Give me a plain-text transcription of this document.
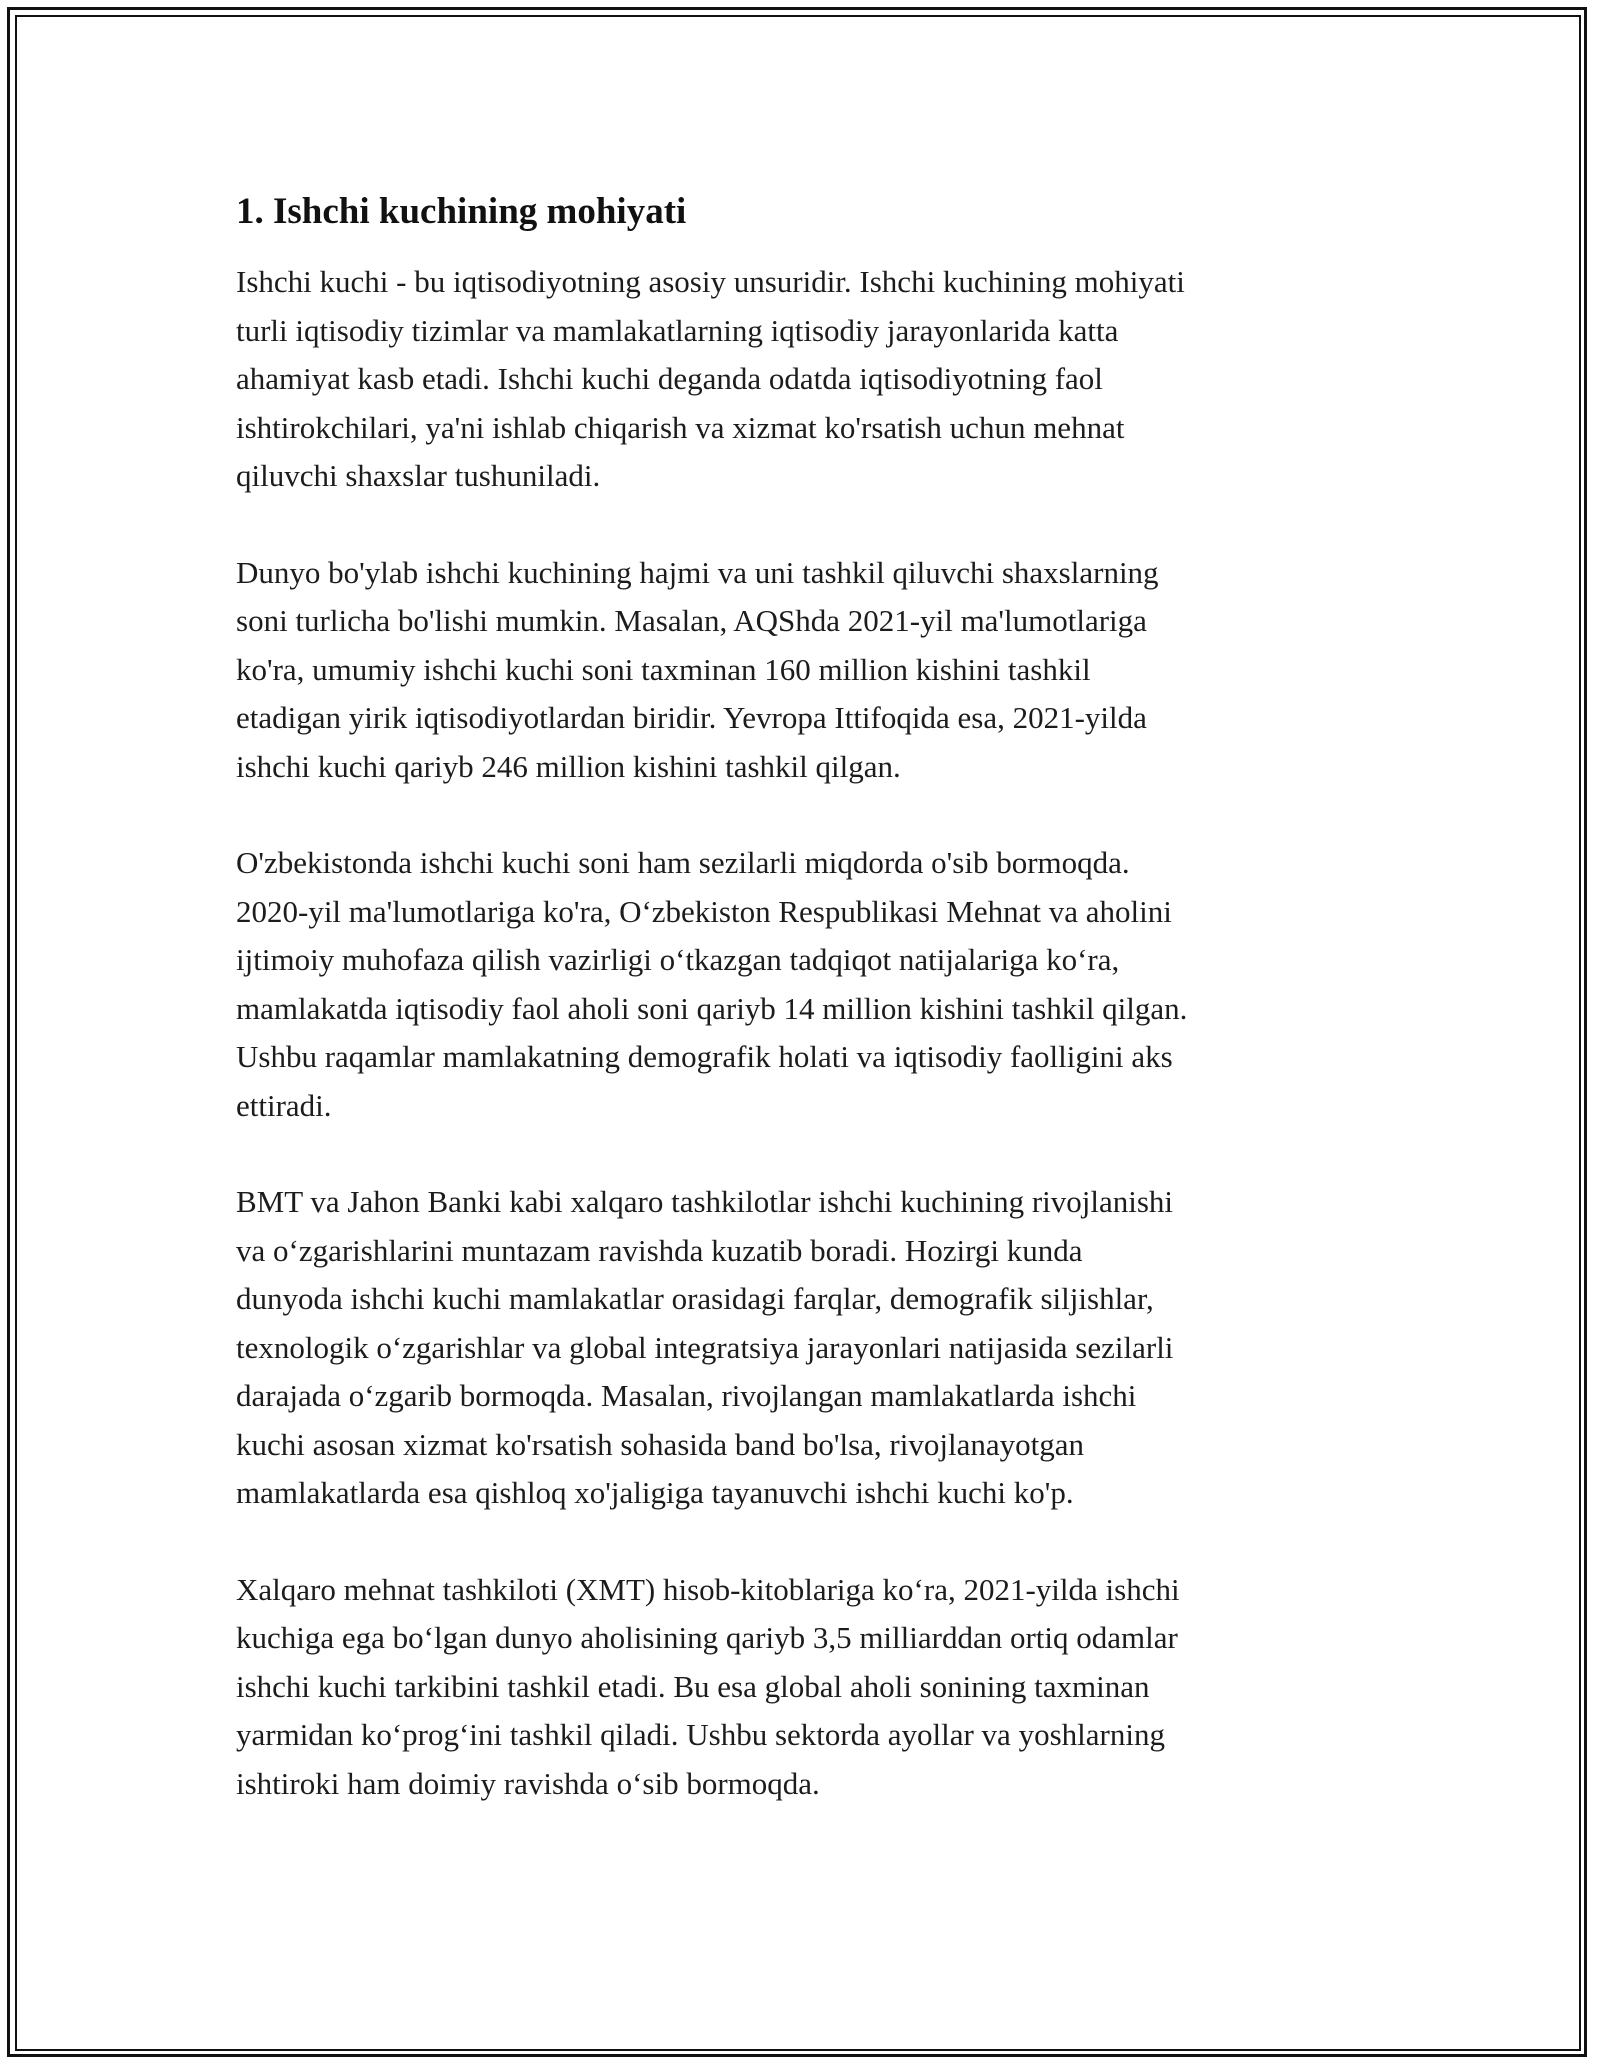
1. Ishchi kuchining mohiyati

Ishchi kuchi - bu iqtisodiyotning asosiy unsuridir. Ishchi kuchining mohiyati
turli iqtisodiy tizimlar va mamlakatlarning iqtisodiy jarayonlarida katta
ahamiyat kasb etadi. Ishchi kuchi deganda odatda iqtisodiyotning faol
ishtirokchilari, ya'ni ishlab chiqarish va xizmat ko'rsatish uchun mehnat
qiluvchi shaxslar tushuniladi.

Dunyo bo'ylab ishchi kuchining hajmi va uni tashkil qiluvchi shaxslarning
soni turlicha bo'lishi mumkin. Masalan, AQShda 2021-yil ma'lumotlariga
ko'ra, umumiy ishchi kuchi soni taxminan 160 million kishini tashkil
etadigan yirik iqtisodiyotlardan biridir. Yevropa Ittifoqida esa, 2021-yilda
ishchi kuchi qariyb 246 million kishini tashkil qilgan.

O'zbekistonda ishchi kuchi soni ham sezilarli miqdorda o'sib bormoqda.
2020-yil ma'lumotlariga ko'ra, O‘zbekiston Respublikasi Mehnat va aholini
ijtimoiy muhofaza qilish vazirligi o‘tkazgan tadqiqot natijalariga ko‘ra,
mamlakatda iqtisodiy faol aholi soni qariyb 14 million kishini tashkil qilgan.
Ushbu raqamlar mamlakatning demografik holati va iqtisodiy faolligini aks
ettiradi.

BMT va Jahon Banki kabi xalqaro tashkilotlar ishchi kuchining rivojlanishi
va o‘zgarishlarini muntazam ravishda kuzatib boradi. Hozirgi kunda
dunyoda ishchi kuchi mamlakatlar orasidagi farqlar, demografik siljishlar,
texnologik o‘zgarishlar va global integratsiya jarayonlari natijasida sezilarli
darajada o‘zgarib bormoqda. Masalan, rivojlangan mamlakatlarda ishchi
kuchi asosan xizmat ko'rsatish sohasida band bo'lsa, rivojlanayotgan
mamlakatlarda esa qishloq xo'jaligiga tayanuvchi ishchi kuchi ko'p.

Xalqaro mehnat tashkiloti (XMT) hisob-kitoblariga ko‘ra, 2021-yilda ishchi
kuchiga ega bo‘lgan dunyo aholisining qariyb 3,5 milliarddan ortiq odamlar
ishchi kuchi tarkibini tashkil etadi. Bu esa global aholi sonining taxminan
yarmidan ko‘prog‘ini tashkil qiladi. Ushbu sektorda ayollar va yoshlarning
ishtiroki ham doimiy ravishda o‘sib bormoqda.
